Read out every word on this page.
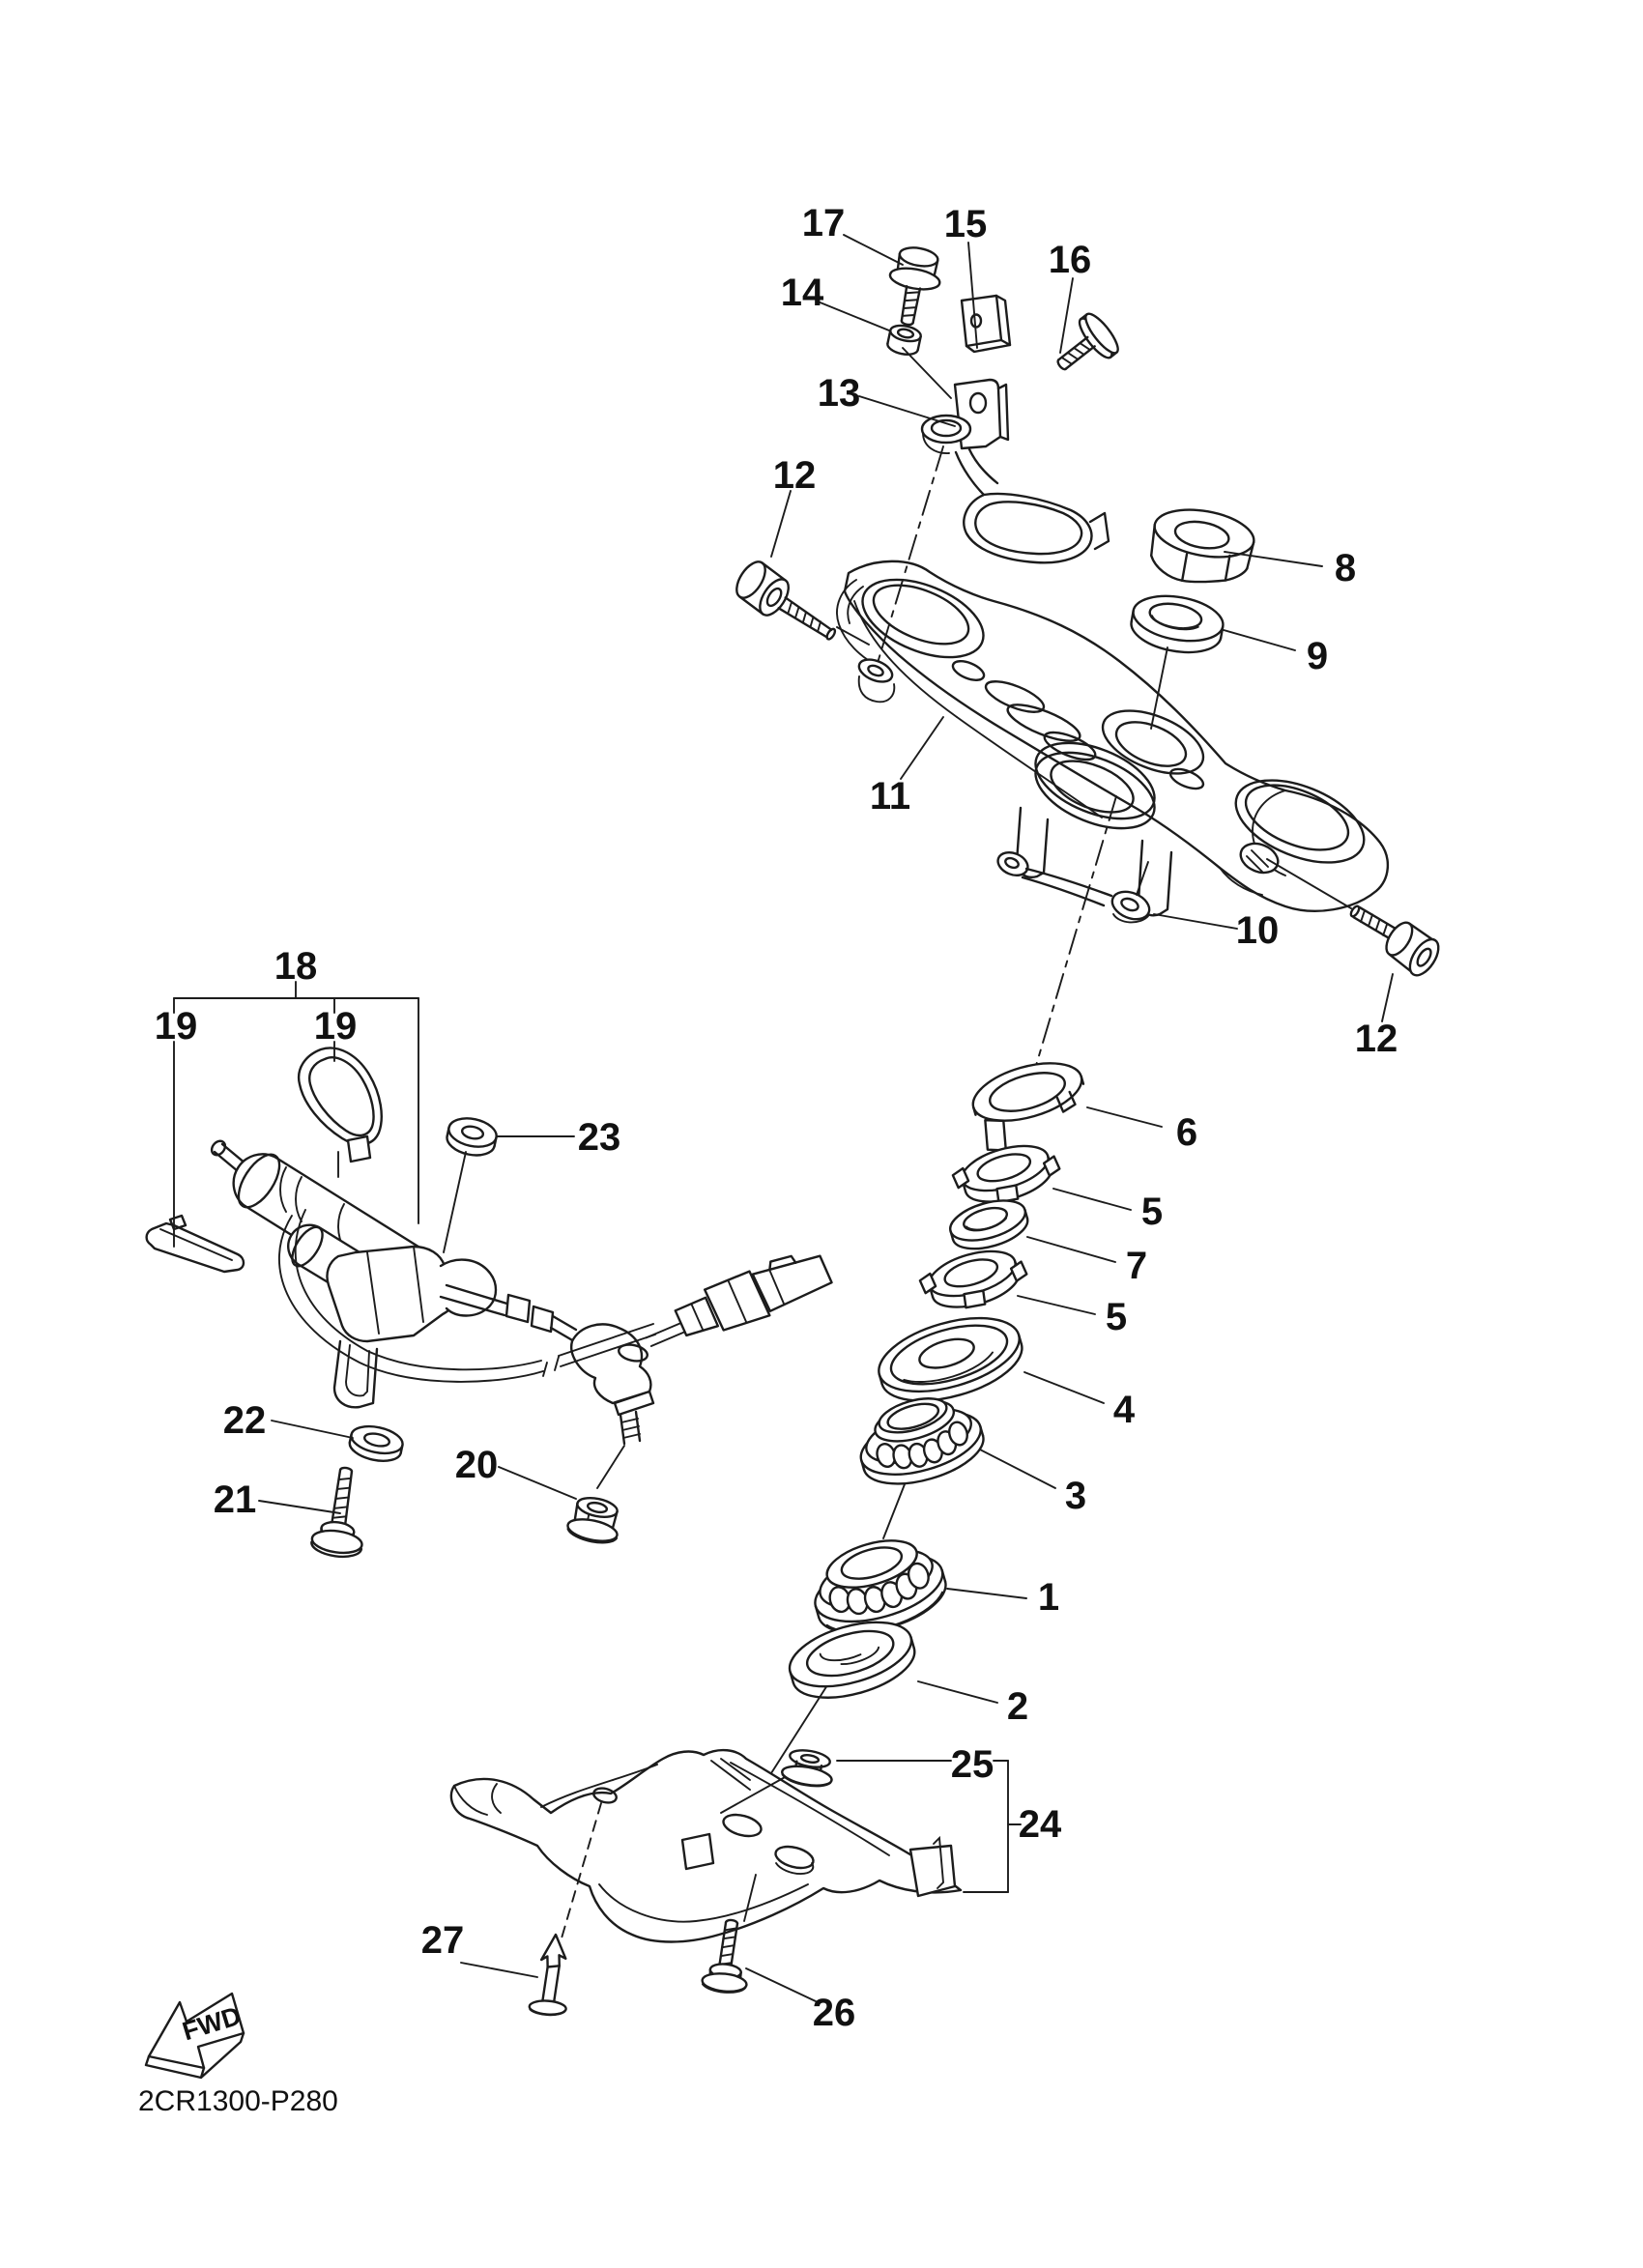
FWD
2CR1300-P280
17
14
15
16
13
12
8
9
11
10
12
18
19	19
23	6
5
7
5
4
3
1
2
22
21
20
25
24
27
26
